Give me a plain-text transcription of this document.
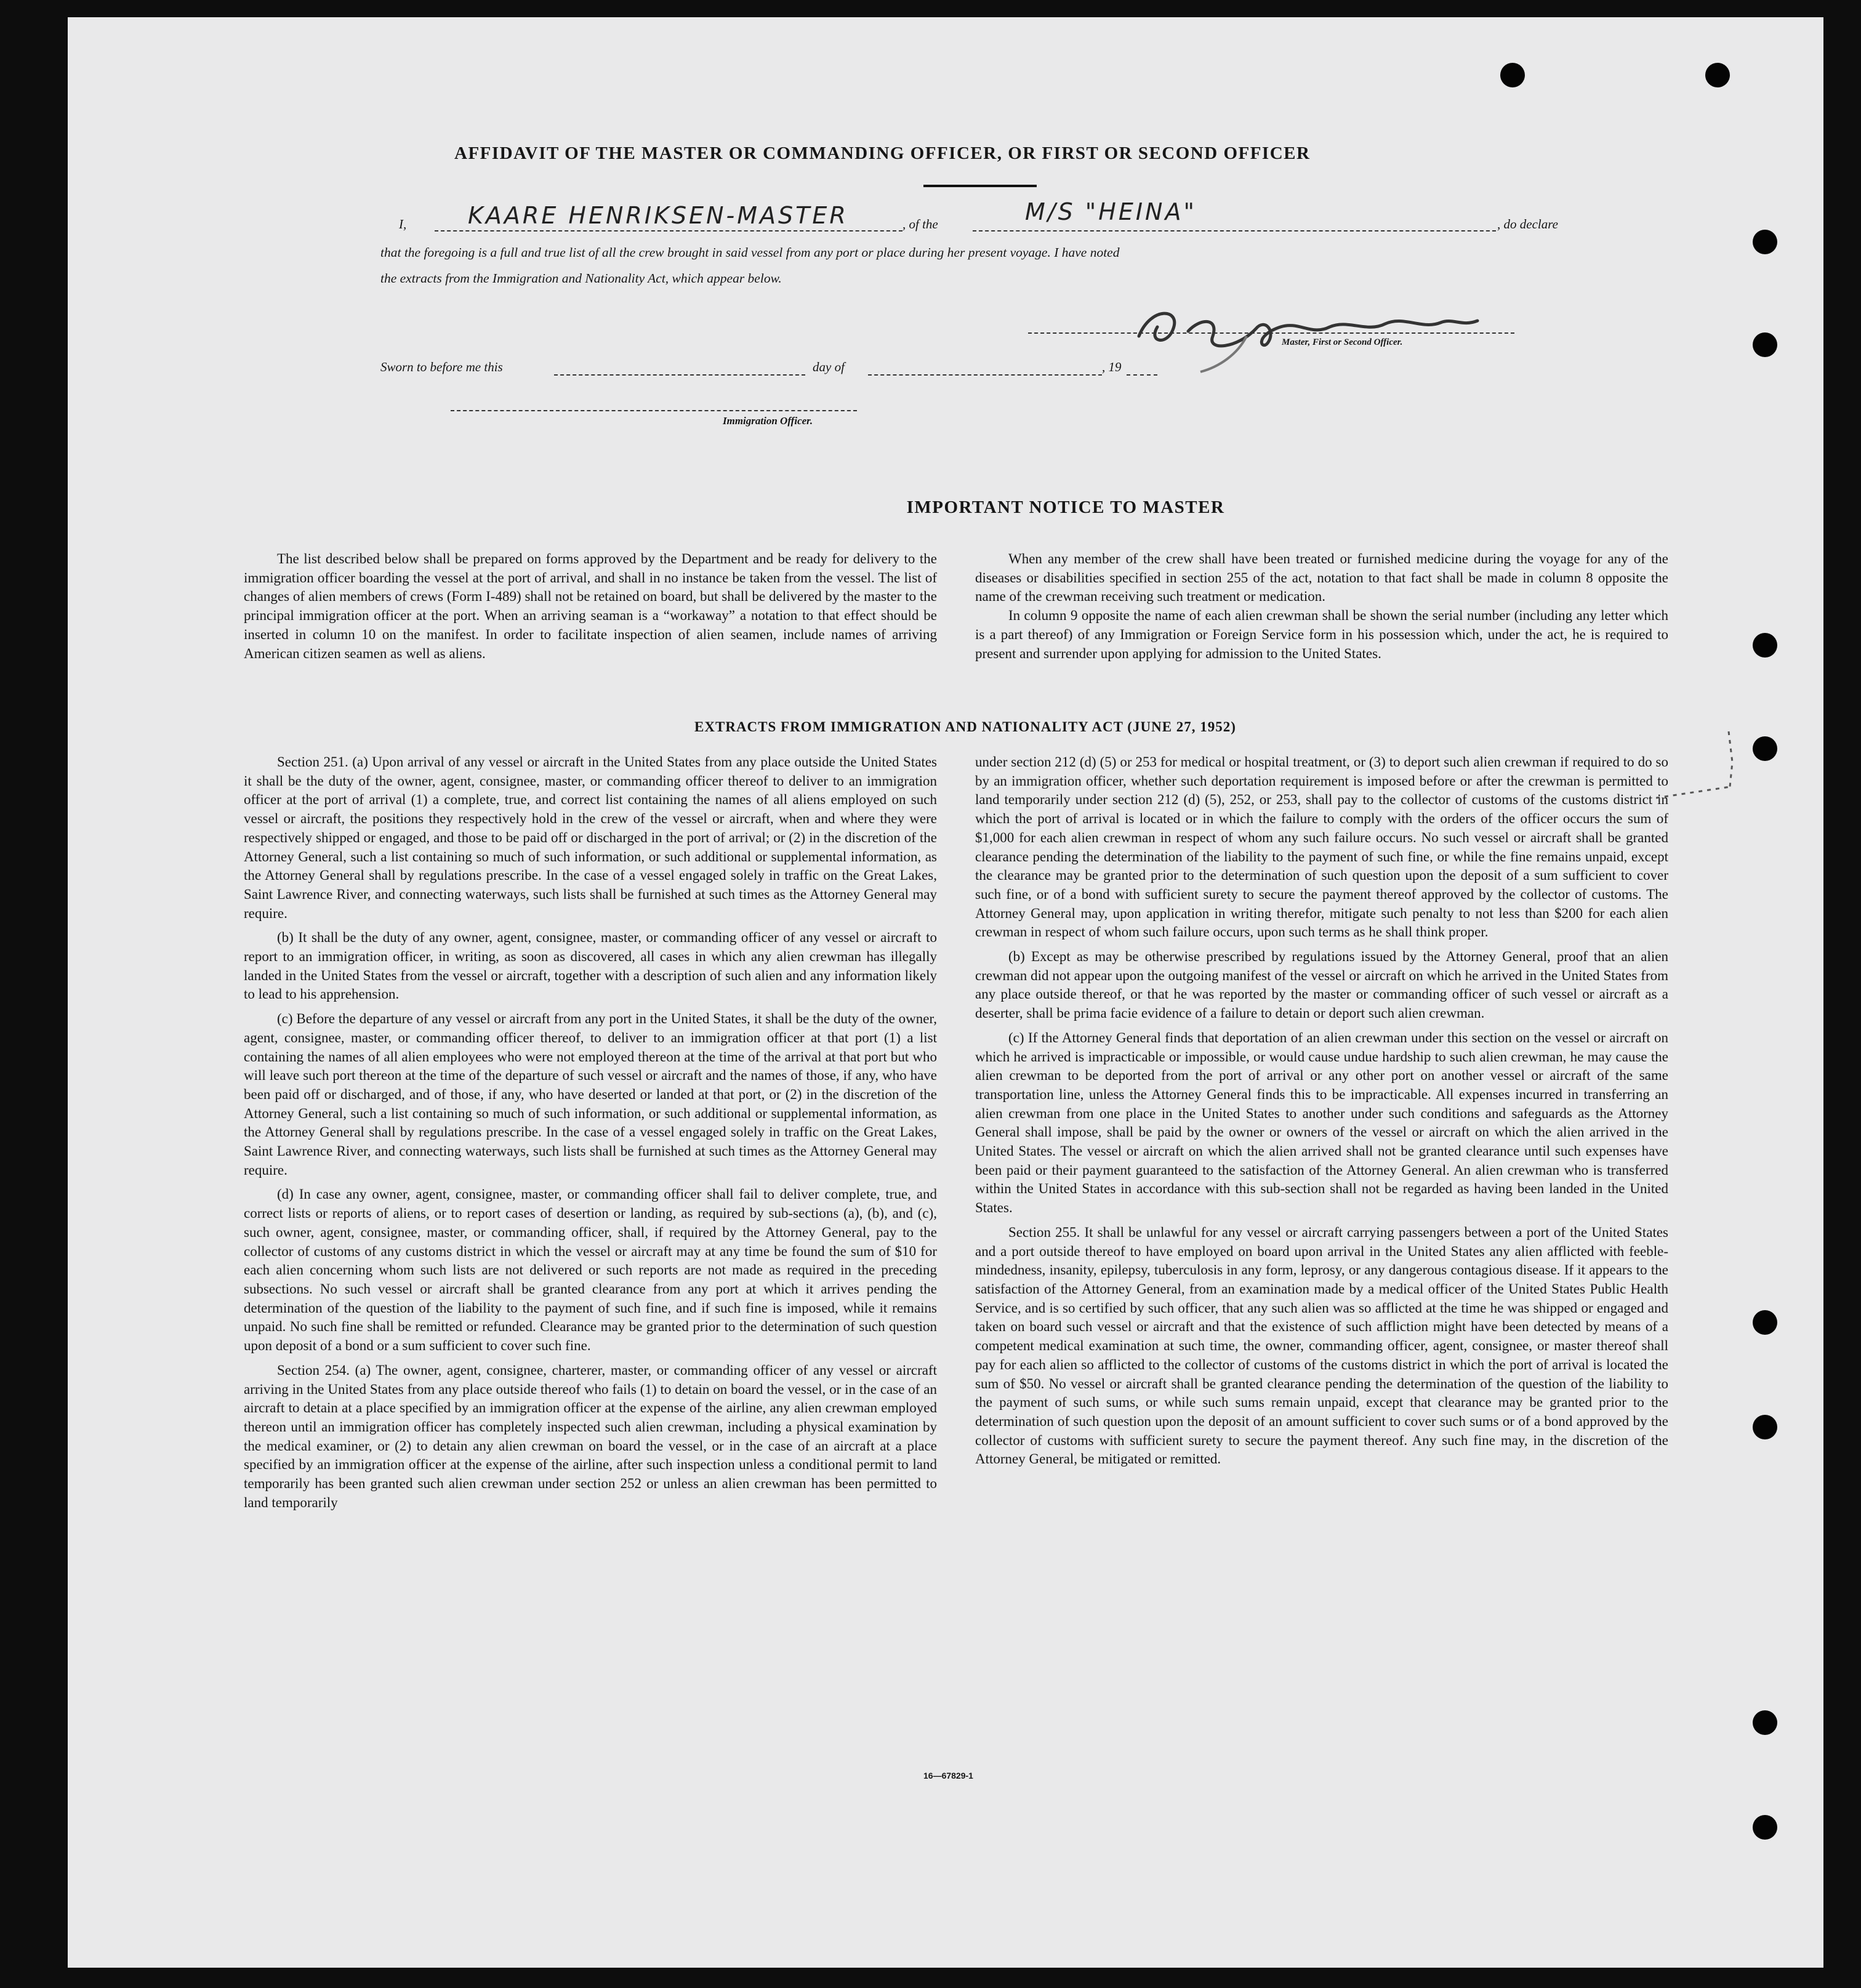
AFFIDAVIT OF THE MASTER OR COMMANDING OFFICER, OR FIRST OR SECOND OFFICER
I,	KAARE HENRIKSEN-MASTER	, of the	M/S "HEINA"	, do declare
that the foregoing is a full and true list of all the crew brought in said vessel from any port or place during her present voyage. I have noted
the extracts from the Immigration and Nationality Act, which appear below.
Master, First or Second Officer.
Sworn to before me this	day of	, 19
Immigration Officer.
IMPORTANT NOTICE TO MASTER

The list described below shall be prepared on forms approved by the Department and be ready for delivery to the immigration officer boarding the vessel at the port of arrival, and shall in no instance be taken from the vessel. The list of changes of alien members of crews (Form I-489) shall not be retained on board, but shall be delivered by the master to the principal immigration officer at the port. When an arriving seaman is a “workaway” a notation to that effect should be inserted in column 10 on the manifest. In order to facilitate inspection of alien seamen, include names of arriving American citizen seamen as well as aliens.

When any member of the crew shall have been treated or furnished medicine during the voyage for any of the diseases or disabilities specified in section 255 of the act, notation to that fact shall be made in column 8 opposite the name of the crewman receiving such treatment or medication.

In column 9 opposite the name of each alien crewman shall be shown the serial number (including any letter which is a part thereof) of any Immigration or Foreign Service form in his possession which, under the act, he is required to present and surrender upon applying for admission to the United States.

EXTRACTS FROM IMMIGRATION AND NATIONALITY ACT (JUNE 27, 1952)

Section 251. (a) Upon arrival of any vessel or aircraft in the United States from any place outside the United States it shall be the duty of the owner, agent, consignee, master, or commanding officer thereof to deliver to an immigration officer at the port of arrival (1) a complete, true, and correct list containing the names of all aliens employed on such vessel or aircraft, the positions they respectively hold in the crew of the vessel or aircraft, when and where they were respectively shipped or engaged, and those to be paid off or discharged in the port of arrival; or (2) in the discretion of the Attorney General, such a list containing so much of such information, or such additional or supplemental information, as the Attorney General shall by regulations prescribe. In the case of a vessel engaged solely in traffic on the Great Lakes, Saint Lawrence River, and connecting waterways, such lists shall be furnished at such times as the Attorney General may require.

(b) It shall be the duty of any owner, agent, consignee, master, or commanding officer of any vessel or aircraft to report to an immigration officer, in writing, as soon as discovered, all cases in which any alien crewman has illegally landed in the United States from the vessel or aircraft, together with a description of such alien and any information likely to lead to his apprehension.

(c) Before the departure of any vessel or aircraft from any port in the United States, it shall be the duty of the owner, agent, consignee, master, or commanding officer thereof, to deliver to an immigration officer at that port (1) a list containing the names of all alien employees who were not employed thereon at the time of the arrival at that port but who will leave such port thereon at the time of the departure of such vessel or aircraft and the names of those, if any, who have been paid off or discharged, and of those, if any, who have deserted or landed at that port, or (2) in the discretion of the Attorney General, such a list containing so much of such information, or such additional or supplemental information, as the Attorney General shall by regulations prescribe. In the case of a vessel engaged solely in traffic on the Great Lakes, Saint Lawrence River, and connecting waterways, such lists shall be furnished at such times as the Attorney General may require.

(d) In case any owner, agent, consignee, master, or commanding officer shall fail to deliver complete, true, and correct lists or reports of aliens, or to report cases of desertion or landing, as required by sub-sections (a), (b), and (c), such owner, agent, consignee, master, or commanding officer, shall, if required by the Attorney General, pay to the collector of customs of any customs district in which the vessel or aircraft may at any time be found the sum of $10 for each alien concerning whom such lists are not delivered or such reports are not made as required in the preceding subsections. No such vessel or aircraft shall be granted clearance from any port at which it arrives pending the determination of the question of the liability to the payment of such fine, and if such fine is imposed, while it remains unpaid. No such fine shall be remitted or refunded. Clearance may be granted prior to the determination of such question upon deposit of a bond or a sum sufficient to cover such fine.

Section 254. (a) The owner, agent, consignee, charterer, master, or commanding officer of any vessel or aircraft arriving in the United States from any place outside thereof who fails (1) to detain on board the vessel, or in the case of an aircraft to detain at a place specified by an immigration officer at the expense of the airline, any alien crewman employed thereon until an immigration officer has completely inspected such alien crewman, including a physical examination by the medical examiner, or (2) to detain any alien crewman on board the vessel, or in the case of an aircraft at a place specified by an immigration officer at the expense of the airline, after such inspection unless a conditional permit to land temporarily has been granted such alien crewman under section 252 or unless an alien crewman has been permitted to land temporarily

under section 212 (d) (5) or 253 for medical or hospital treatment, or (3) to deport such alien crewman if required to do so by an immigration officer, whether such deportation requirement is imposed before or after the crewman is permitted to land temporarily under section 212 (d) (5), 252, or 253, shall pay to the collector of customs of the customs district in which the port of arrival is located or in which the failure to comply with the orders of the officer occurs the sum of $1,000 for each alien crewman in respect of whom any such failure occurs. No such vessel or aircraft shall be granted clearance pending the determination of the liability to the payment of such fine, or while the fine remains unpaid, except the clearance may be granted prior to the determination of such question upon the deposit of a sum sufficient to cover such fine, or of a bond with sufficient surety to secure the payment thereof approved by the collector of customs. The Attorney General may, upon application in writing therefor, mitigate such penalty to not less than $200 for each alien crewman in respect of whom such failure occurs, upon such terms as he shall think proper.

(b) Except as may be otherwise prescribed by regulations issued by the Attorney General, proof that an alien crewman did not appear upon the outgoing manifest of the vessel or aircraft on which he arrived in the United States from any place outside thereof, or that he was reported by the master or commanding officer of such vessel or aircraft as a deserter, shall be prima facie evidence of a failure to detain or deport such alien crewman.

(c) If the Attorney General finds that deportation of an alien crewman under this section on the vessel or aircraft on which he arrived is impracticable or impossible, or would cause undue hardship to such alien crewman, he may cause the alien crewman to be deported from the port of arrival or any other port on another vessel or aircraft of the same transportation line, unless the Attorney General finds this to be impracticable. All expenses incurred in transferring an alien crewman from one place in the United States to another under such conditions and safeguards as the Attorney General shall impose, shall be paid by the owner or owners of the vessel or aircraft on which the alien arrived in the United States. The vessel or aircraft on which the alien arrived shall not be granted clearance until such expenses have been paid or their payment guaranteed to the satisfaction of the Attorney General. An alien crewman who is transferred within the United States in accordance with this sub-section shall not be regarded as having been landed in the United States.

Section 255. It shall be unlawful for any vessel or aircraft carrying passengers between a port of the United States and a port outside thereof to have employed on board upon arrival in the United States any alien afflicted with feeble-mindedness, insanity, epilepsy, tuberculosis in any form, leprosy, or any dangerous contagious disease. If it appears to the satisfaction of the Attorney General, from an examination made by a medical officer of the United States Public Health Service, and is so certified by such officer, that any such alien was so afflicted at the time he was shipped or engaged and taken on board such vessel or aircraft and that the existence of such affliction might have been detected by means of a competent medical examination at such time, the owner, commanding officer, agent, consignee, or master thereof shall pay for each alien so afflicted to the collector of customs of the customs district in which the port of arrival is located the sum of $50. No vessel or aircraft shall be granted clearance pending the determination of the question of the liability to the payment of such sums, or while such sums remain unpaid, except that clearance may be granted prior to the determination of such question upon the deposit of an amount sufficient to cover such sums or of a bond approved by the collector of customs with sufficient surety to secure the payment thereof. Any such fine may, in the discretion of the Attorney General, be mitigated or remitted.

16—67829-1
